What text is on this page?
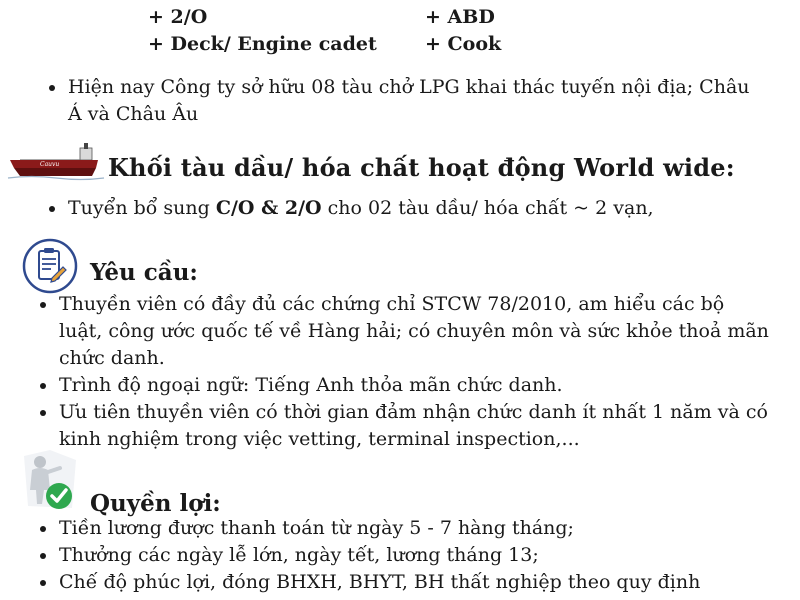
+ 2/O
+ Deck/ Engine cadet
+ ABD
+ Cook
Hiện nay Công ty sở hữu 08 tàu chở LPG khai thác tuyến nội địa; Châu Á và Châu Âu
Cauvu Khối tàu dầu/ hóa chất hoạt động World wide:
Tuyển bổ sung C/O & 2/O cho 02 tàu dầu/ hóa chất ~ 2 vạn,
Yêu cầu:
Thuyền viên có đầy đủ các chứng chỉ STCW 78/2010, am hiểu các bộ luật, công ước quốc tế về Hàng hải; có chuyên môn và sức khỏe thoả mãn chức danh.
Trình độ ngoại ngữ: Tiếng Anh thỏa mãn chức danh.
Ưu tiên thuyền viên có thời gian đảm nhận chức danh ít nhất 1 năm và có kinh nghiệm trong việc vetting, terminal inspection,...
Quyền lợi:
Tiền lương được thanh toán từ ngày 5 - 7 hàng tháng;
Thưởng các ngày lễ lớn, ngày tết, lương tháng 13;
Chế độ phúc lợi, đóng BHXH, BHYT, BH thất nghiệp theo quy định
